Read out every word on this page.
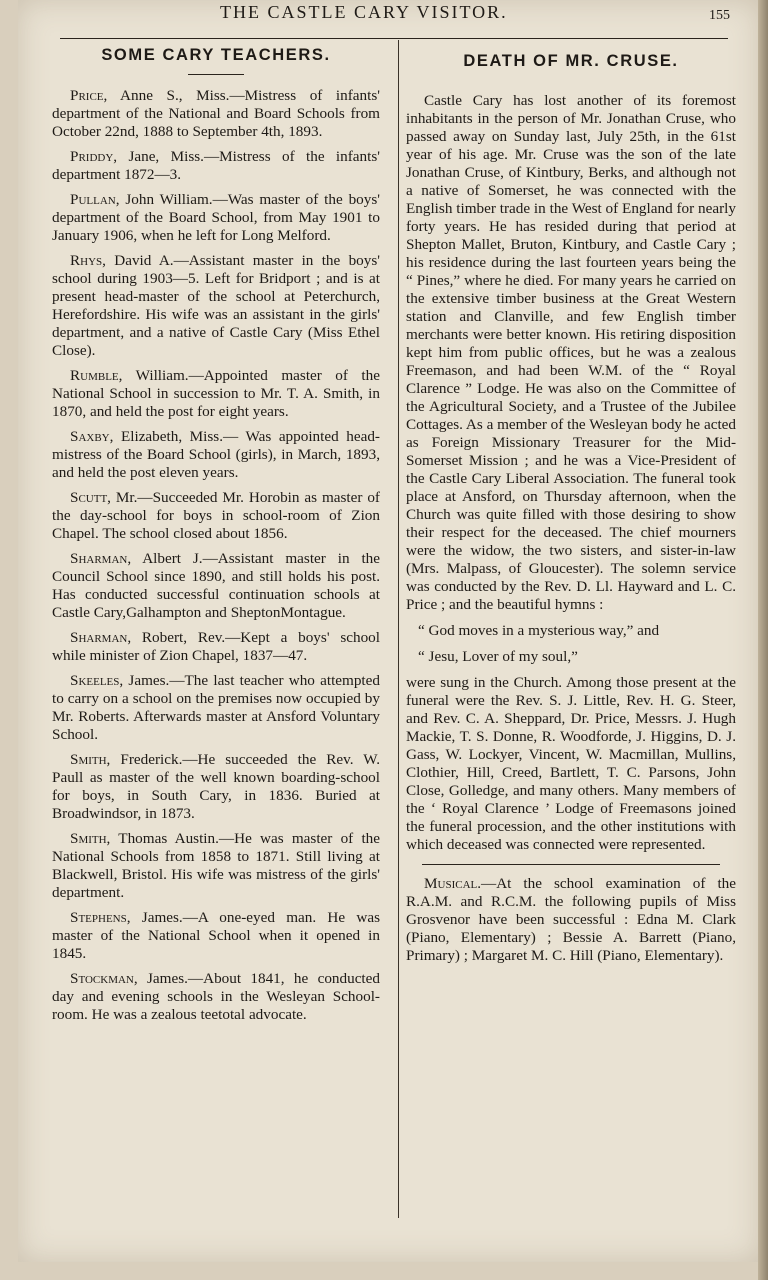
THE CASTLE CARY VISITOR.	155
SOME CARY TEACHERS.

Price, Anne S., Miss.—Mistress of infants' department of the National and Board Schools from October 22nd, 1888 to September 4th, 1893.

Priddy, Jane, Miss.—Mistress of the infants' department 1872—3.

Pullan, John William.—Was master of the boys' department of the Board School, from May 1901 to January 1906, when he left for Long Melford.

Rhys, David A.—Assistant master in the boys' school during 1903—5. Left for Bridport ; and is at present head-master of the school at Peterchurch, Herefordshire. His wife was an assistant in the girls' department, and a native of Castle Cary (Miss Ethel Close).

Rumble, William.—Appointed master of the National School in succession to Mr. T. A. Smith, in 1870, and held the post for eight years.

Saxby, Elizabeth, Miss.— Was appointed head-mistress of the Board School (girls), in March, 1893, and held the post eleven years.

Scutt, Mr.—Succeeded Mr. Horobin as master of the day-school for boys in school-room of Zion Chapel. The school closed about 1856.

Sharman, Albert J.—Assistant master in the Council School since 1890, and still holds his post. Has conducted successful continuation schools at Castle Cary,Galhampton and SheptonMontague.

Sharman, Robert, Rev.—Kept a boys' school while minister of Zion Chapel, 1837—47.

Skeeles, James.—The last teacher who attempted to carry on a school on the premises now occupied by Mr. Roberts. Afterwards master at Ansford Voluntary School.

Smith, Frederick.—He succeeded the Rev. W. Paull as master of the well known boarding-school for boys, in South Cary, in 1836. Buried at Broadwindsor, in 1873.

Smith, Thomas Austin.—He was master of the National Schools from 1858 to 1871. Still living at Blackwell, Bristol. His wife was mistress of the girls' department.

Stephens, James.—A one-eyed man. He was master of the National School when it opened in 1845.

Stockman, James.—About 1841, he conducted day and evening schools in the Wesleyan School-room. He was a zealous teetotal advocate.

DEATH OF MR. CRUSE.

Castle Cary has lost another of its foremost inhabitants in the person of Mr. Jonathan Cruse, who passed away on Sunday last, July 25th, in the 61st year of his age. Mr. Cruse was the son of the late Jonathan Cruse, of Kintbury, Berks, and although not a native of Somerset, he was connected with the English timber trade in the West of England for nearly forty years. He has resided during that period at Shepton Mallet, Bruton, Kintbury, and Castle Cary ; his residence during the last fourteen years being the “ Pines,” where he died. For many years he carried on the extensive timber business at the Great Western station and Clanville, and few English timber merchants were better known. His retiring disposition kept him from public offices, but he was a zealous Freemason, and had been W.M. of the “ Royal Clarence ” Lodge. He was also on the Committee of the Agricultural Society, and a Trustee of the Jubilee Cottages. As a member of the Wesleyan body he acted as Foreign Missionary Treasurer for the Mid-Somerset Mission ; and he was a Vice-President of the Castle Cary Liberal Association. The funeral took place at Ansford, on Thursday afternoon, when the Church was quite filled with those desiring to show their respect for the deceased. The chief mourners were the widow, the two sisters, and sister-in-law (Mrs. Malpass, of Gloucester). The solemn service was conducted by the Rev. D. Ll. Hayward and L. C. Price ; and the beautiful hymns :

“ God moves in a mysterious way,” and

“ Jesu, Lover of my soul,”

were sung in the Church. Among those present at the funeral were the Rev. S. J. Little, Rev. H. G. Steer, and Rev. C. A. Sheppard, Dr. Price, Messrs. J. Hugh Mackie, T. S. Donne, R. Woodforde, J. Higgins, D. J. Gass, W. Lockyer, Vincent, W. Macmillan, Mullins, Clothier, Hill, Creed, Bartlett, T. C. Parsons, John Close, Golledge, and many others. Many members of the ‘ Royal Clarence ’ Lodge of Freemasons joined the funeral procession, and the other institutions with which deceased was connected were represented.

Musical.—At the school examination of the R.A.M. and R.C.M. the following pupils of Miss Grosvenor have been successful : Edna M. Clark (Piano, Elementary) ; Bessie A. Barrett (Piano, Primary) ; Margaret M. C. Hill (Piano, Elementary).
